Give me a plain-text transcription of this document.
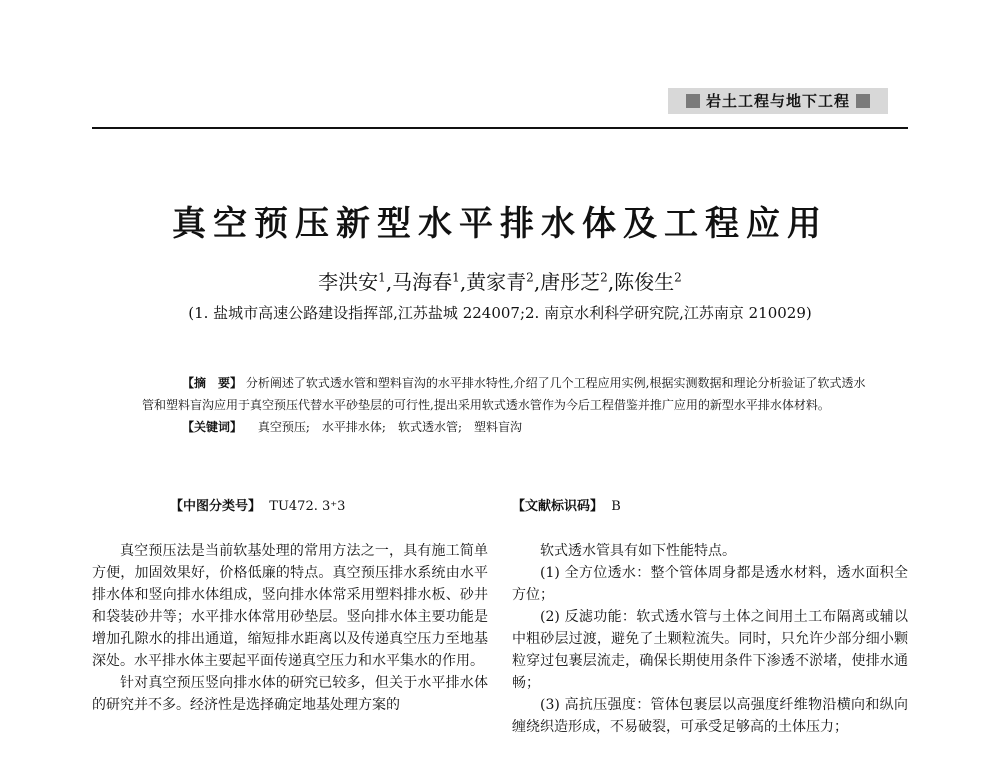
岩土工程与地下工程
真空预压新型水平排水体及工程应用
李洪安$^1$,马海春$^1$,黄家青$^2$,唐彤芝$^2$,陈俊生$^2$
(1. 盐城市高速公路建设指挥部,江苏盐城 224007;2. 南京水利科学研究院,江苏南京 210029)
【摘　要】 分析阐述了软式透水管和塑料盲沟的水平排水特性,介绍了几个工程应用实例,根据实测数据和理论分析验证了软式透水管和塑料盲沟应用于真空预压代替水平砂垫层的可行性,提出采用软式透水管作为今后工程借鉴并推广应用的新型水平排水体材料。
【关键词】 真空预压; 水平排水体; 软式透水管; 塑料盲沟
【中图分类号】 TU472. 3⁺3	【文献标识码】 B

真空预压法是当前软基处理的常用方法之一，具有施工简单方便，加固效果好，价格低廉的特点。真空预压排水系统由水平排水体和竖向排水体组成，竖向排水体常采用塑料排水板、砂井和袋装砂井等；水平排水体常用砂垫层。竖向排水体主要功能是增加孔隙水的排出通道，缩短排水距离以及传递真空压力至地基深处。水平排水体主要起平面传递真空压力和水平集水的作用。

针对真空预压竖向排水体的研究已较多，但关于水平排水体的研究并不多。经济性是选择确定地基处理方案的

软式透水管具有如下性能特点。

(1) 全方位透水：整个管体周身都是透水材料，透水面积全方位；

(2) 反滤功能：软式透水管与土体之间用土工布隔离或辅以中粗砂层过渡，避免了土颗粒流失。同时，只允许少部分细小颗粒穿过包裹层流走，确保长期使用条件下渗透不淤堵，使排水通畅；

(3) 高抗压强度：管体包裹层以高强度纤维物沿横向和纵向缠绕织造形成，不易破裂，可承受足够高的土体压力；
